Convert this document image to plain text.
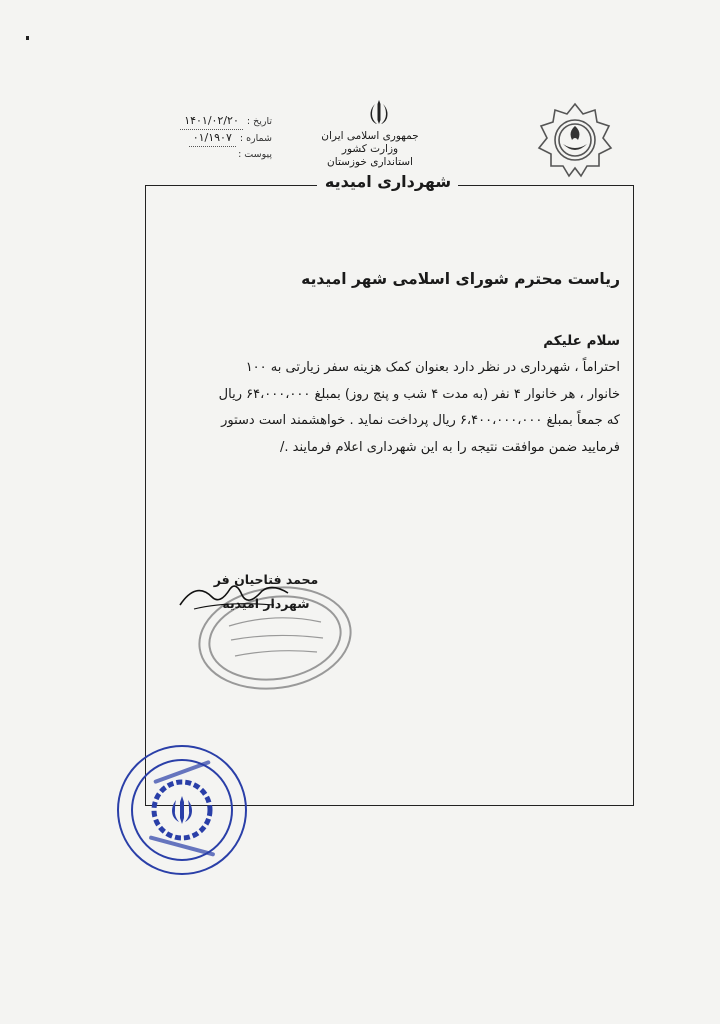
جمهوری اسلامی ایران
وزارت کشور
استانداری خوزستان
تاریخ :
۱۴۰۱/۰۲/۲۰
شماره :
۰۱/۱۹۰۷
پیوست :
شهرداری امیدیه
ریاست محترم شورای اسلامی شهر امیدیه
سلام علیکم
احتراماً ، شهرداری در نظر دارد بعنوان کمک هزینه سفر زیارتی به ۱۰۰
خانوار ، هر خانوار ۴ نفر (به مدت ۴ شب و پنج روز) بمبلغ ۶۴،۰۰۰،۰۰۰ ریال
که جمعاً بمبلغ ۶،۴۰۰،۰۰۰،۰۰۰ ریال پرداخت نماید . خواهشمند است دستور
فرمایید ضمن موافقت نتیجه را به این شهرداری اعلام فرمایند ./
محمد فتاحیان فر
شهردار امیدیه
